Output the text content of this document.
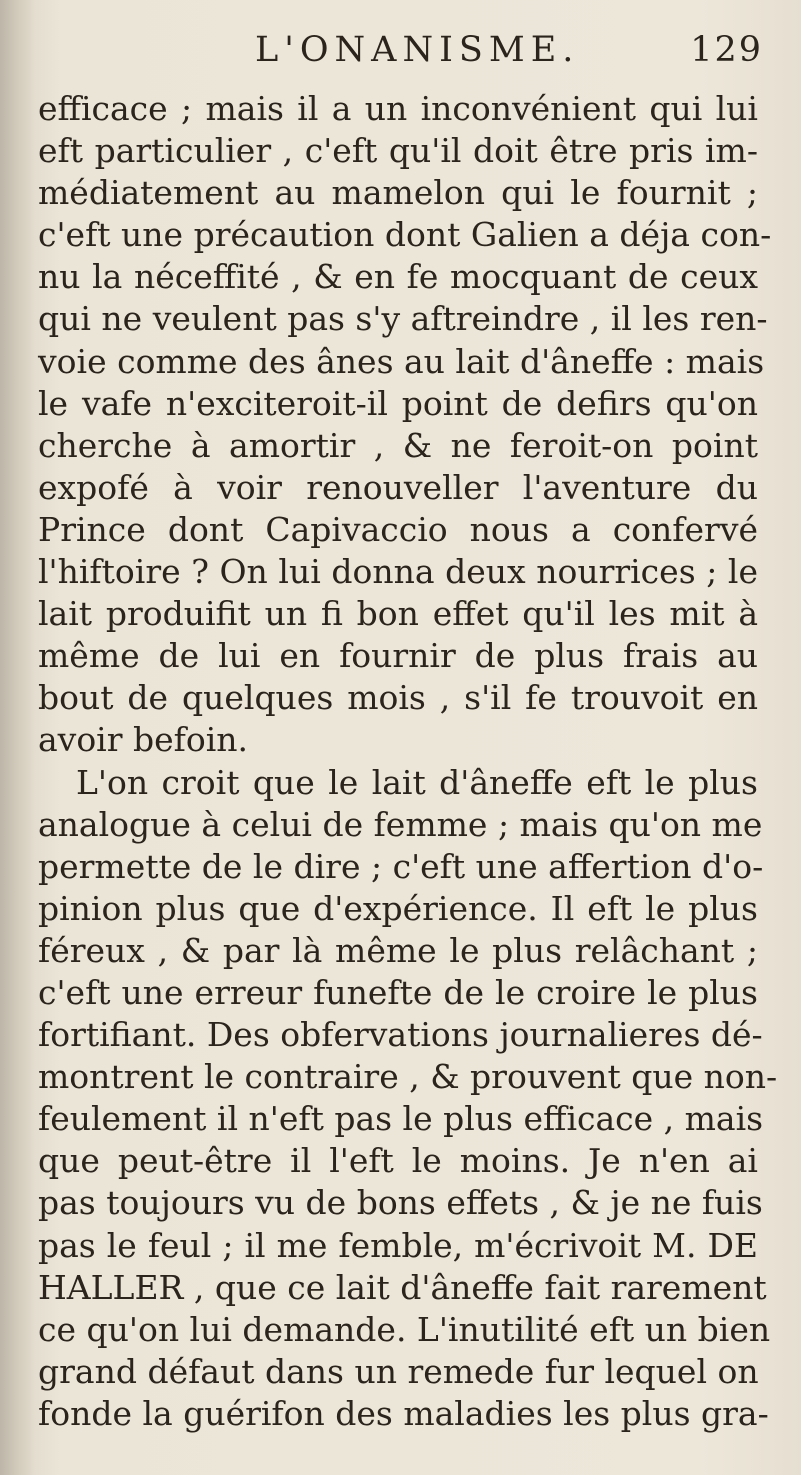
L'ONANISME.	129
efficace ; mais il a un inconvénient qui lui
eft particulier , c'eft qu'il doit être pris im-
médiatement au mamelon qui le fournit ;
c'eft une précaution dont Galien a déja con-
nu la néceffité , & en fe mocquant de ceux
qui ne veulent pas s'y aftreindre , il les ren-
voie comme des ânes au lait d'âneffe : mais
le vafe n'exciteroit-il point de defirs qu'on
cherche à amortir , & ne feroit-on point
expofé à voir renouveller l'aventure du
Prince dont Capivaccio nous a confervé
l'hiftoire ? On lui donna deux nourrices ; le
lait produifit un fi bon effet qu'il les mit à
même de lui en fournir de plus frais au
bout de quelques mois , s'il fe trouvoit en
avoir befoin.
L'on croit que le lait d'âneffe eft le plus
analogue à celui de femme ; mais qu'on me
permette de le dire ; c'eft une affertion d'o-
pinion plus que d'expérience. Il eft le plus
féreux , & par là même le plus relâchant ;
c'eft une erreur funefte de le croire le plus
fortifiant. Des obfervations journalieres dé-
montrent le contraire , & prouvent que non-
feulement il n'eft pas le plus efficace , mais
que peut-être il l'eft le moins. Je n'en ai
pas toujours vu de bons effets , & je ne fuis
pas le feul ; il me femble, m'écrivoit M. DE
HALLER , que ce lait d'âneffe fait rarement
ce qu'on lui demande. L'inutilité eft un bien
grand défaut dans un remede fur lequel on
fonde la guérifon des maladies les plus gra-
